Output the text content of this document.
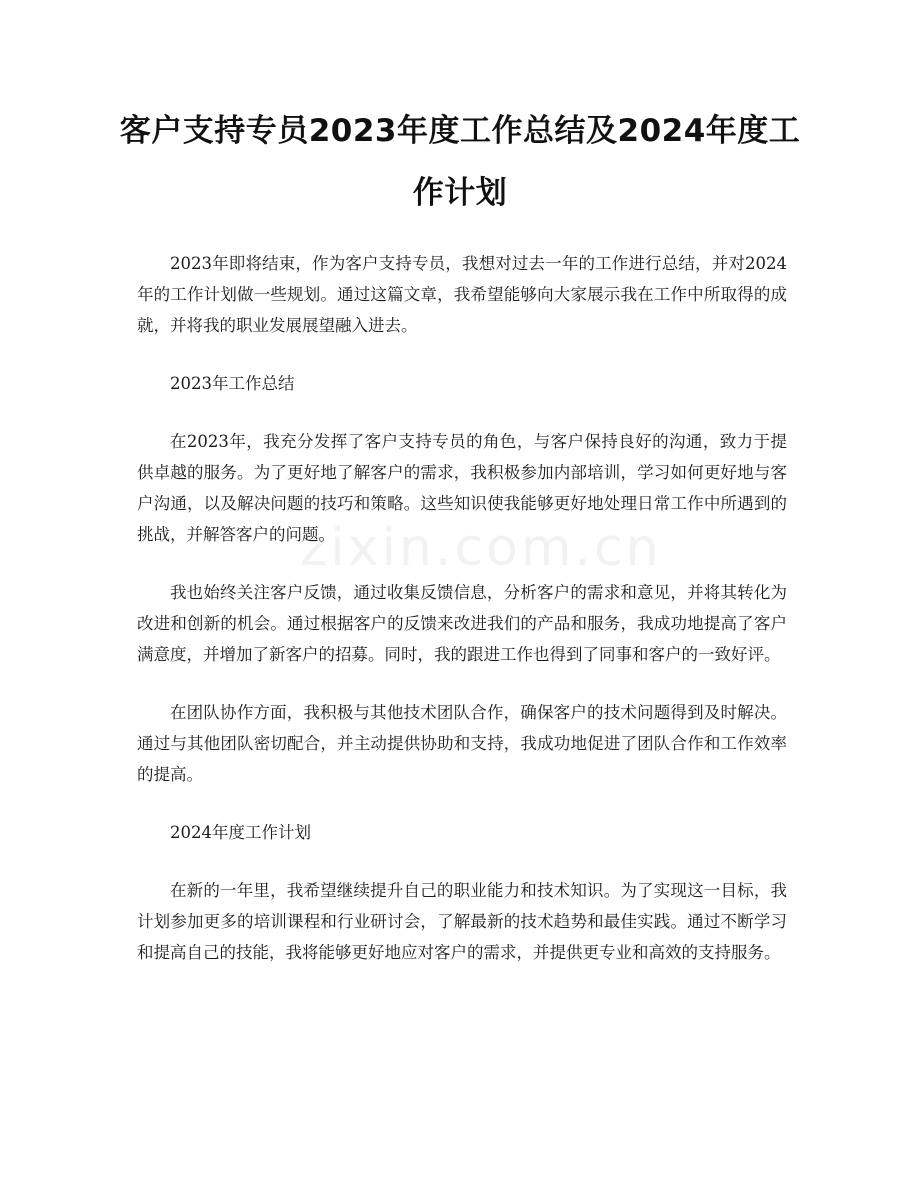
客户支持专员2023年度工作总结及2024年度工作计划
zixin.com.cn

2023年即将结束，作为客户支持专员，我想对过去一年的工作进行总结，并对2024年的工作计划做一些规划。通过这篇文章，我希望能够向大家展示我在工作中所取得的成就，并将我的职业发展展望融入进去。

2023年工作总结

在2023年，我充分发挥了客户支持专员的角色，与客户保持良好的沟通，致力于提供卓越的服务。为了更好地了解客户的需求，我积极参加内部培训，学习如何更好地与客户沟通，以及解决问题的技巧和策略。这些知识使我能够更好地处理日常工作中所遇到的挑战，并解答客户的问题。

我也始终关注客户反馈，通过收集反馈信息，分析客户的需求和意见，并将其转化为改进和创新的机会。通过根据客户的反馈来改进我们的产品和服务，我成功地提高了客户满意度，并增加了新客户的招募。同时，我的跟进工作也得到了同事和客户的一致好评。

在团队协作方面，我积极与其他技术团队合作，确保客户的技术问题得到及时解决。通过与其他团队密切配合，并主动提供协助和支持，我成功地促进了团队合作和工作效率的提高。

2024年度工作计划

在新的一年里，我希望继续提升自己的职业能力和技术知识。为了实现这一目标，我计划参加更多的培训课程和行业研讨会，了解最新的技术趋势和最佳实践。通过不断学习和提高自己的技能，我将能够更好地应对客户的需求，并提供更专业和高效的支持服务。
